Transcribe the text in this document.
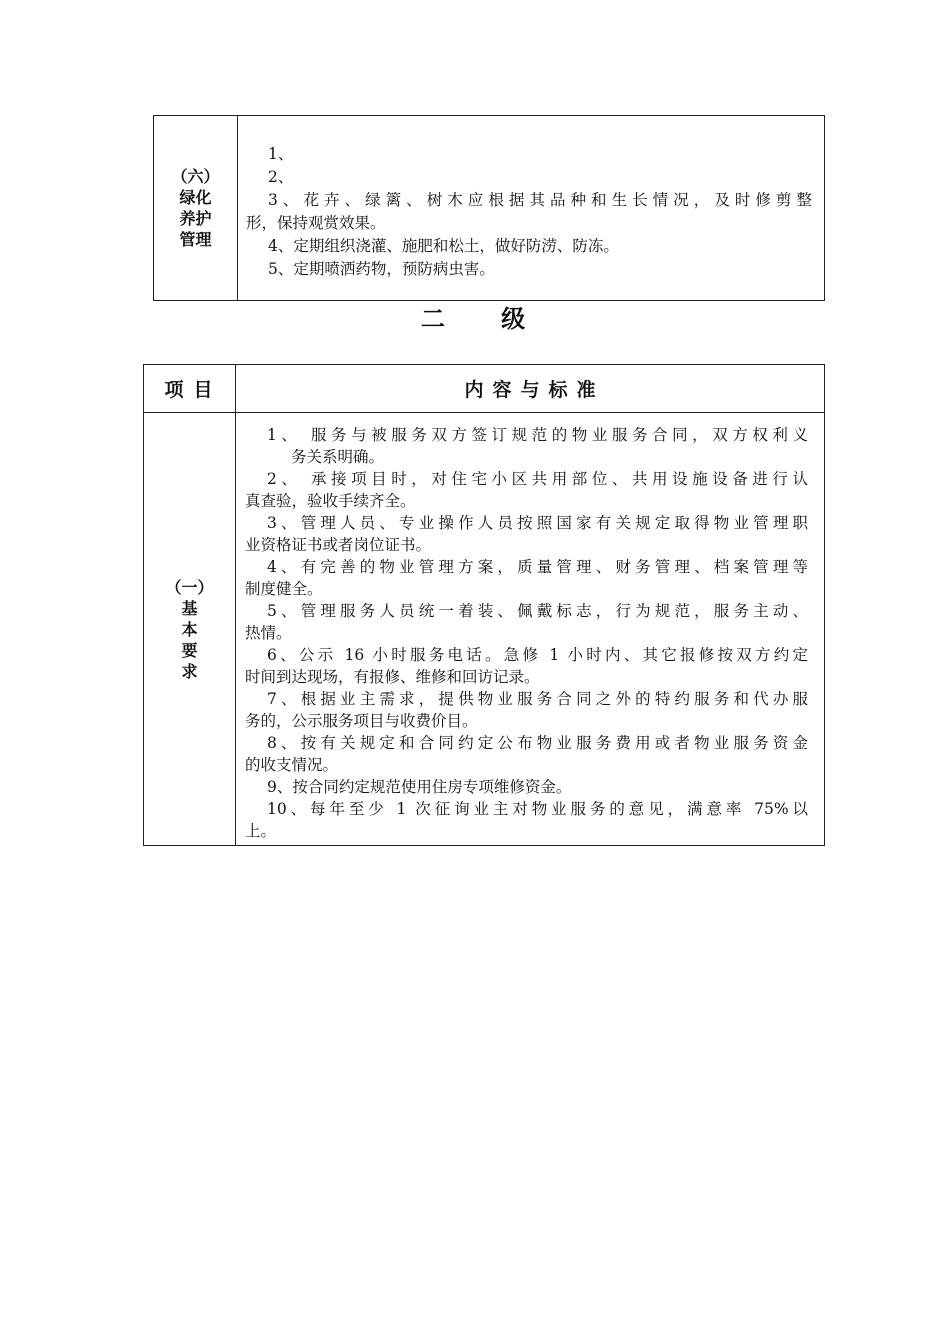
（六）
绿化
养护
管理
1、
2、
3、花卉、绿篱、树木应根据其品种和生长情况，及时修剪整
形，保持观赏效果。
4、定期组织浇灌、施肥和松土，做好防涝、防冻。
5、定期喷洒药物，预防病虫害。
二 级
项目	内容与标准
（一）
基
本
要
求
1、 服务与被服务双方签订规范的物业服务合同，双方权利义
务关系明确。
2、 承接项目时，对住宅小区共用部位、共用设施设备进行认
真查验，验收手续齐全。
3、管理人员、专业操作人员按照国家有关规定取得物业管理职
业资格证书或者岗位证书。
4、有完善的物业管理方案，质量管理、财务管理、档案管理等
制度健全。
5、管理服务人员统一着装、佩戴标志，行为规范，服务主动、
热情。
6、公示 16 小时服务电话。急修 1 小时内、其它报修按双方约定
时间到达现场，有报修、维修和回访记录。
7、根据业主需求，提供物业服务合同之外的特约服务和代办服
务的，公示服务项目与收费价目。
8、按有关规定和合同约定公布物业服务费用或者物业服务资金
的收支情况。
9、按合同约定规范使用住房专项维修资金。
10、每年至少 1 次征询业主对物业服务的意见，满意率 75%以
上。
